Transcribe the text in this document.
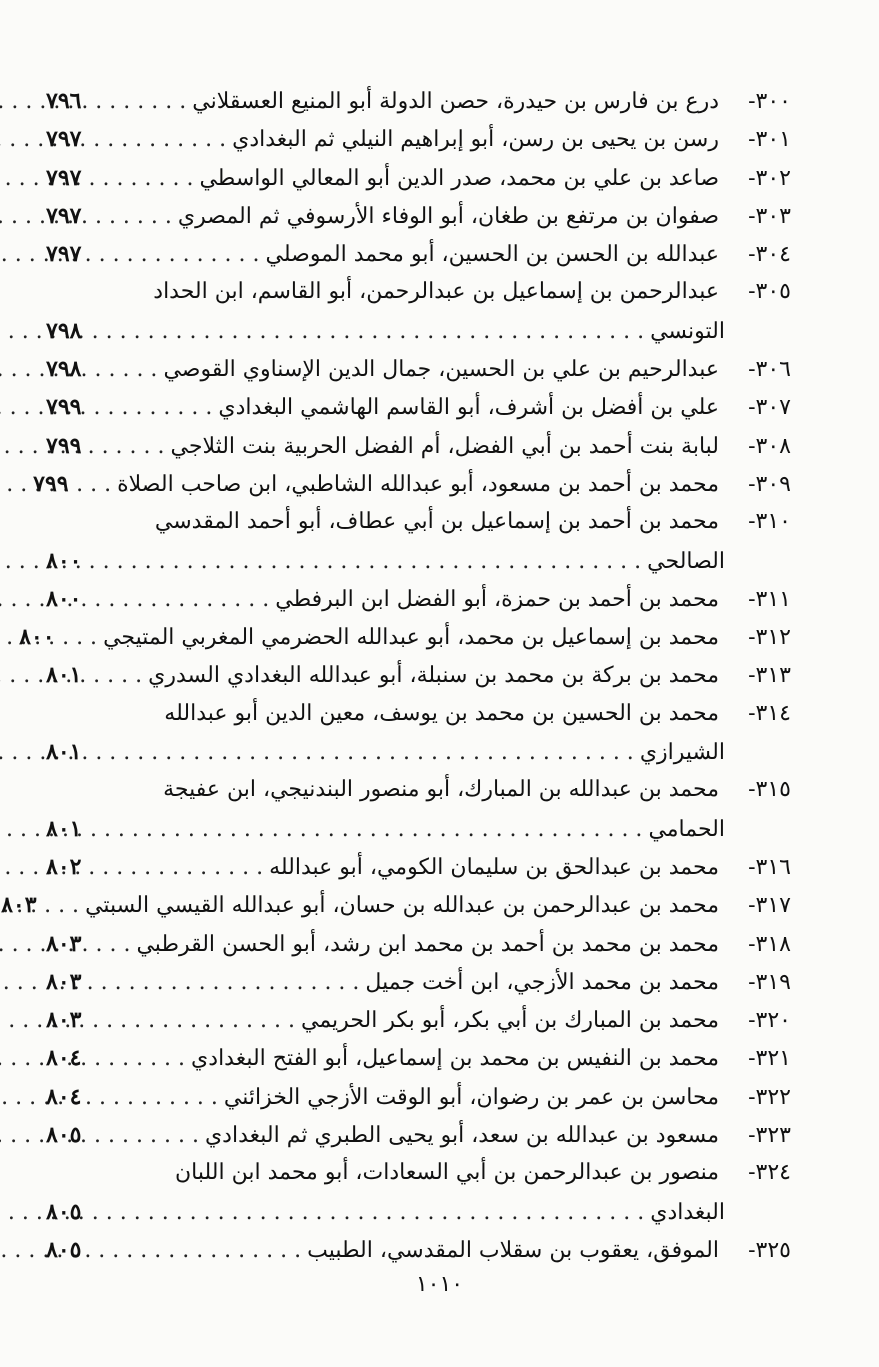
٣٠٠-
درع بن فارس بن حيدرة، حصن الدولة أبو المنيع العسقلاني
. . .
٧٩٦
٣٠١-
رسن بن يحيى بن رسن، أبو إبراهيم النيلي ثم البغدادي
. . .
٧٩٧
٣٠٢-
صاعد بن علي بن محمد، صدر الدين أبو المعالي الواسطي
. . .
٧٩٧
٣٠٣-
صفوان بن مرتفع بن طغان، أبو الوفاء الأرسوفي ثم المصري
. . .
٧٩٧
٣٠٤-
عبدالله بن الحسن بن الحسين، أبو محمد الموصلي
. . .
٧٩٧
٣٠٥-
عبدالرحمن بن إسماعيل بن عبدالرحمن، أبو القاسم، ابن الحداد
التونسي
. . .
٧٩٨
٣٠٦-
عبدالرحيم بن علي بن الحسين، جمال الدين الإسناوي القوصي
. . .
٧٩٨
٣٠٧-
علي بن أفضل بن أشرف، أبو القاسم الهاشمي البغدادي
. . .
٧٩٩
٣٠٨-
لبابة بنت أحمد بن أبي الفضل، أم الفضل الحربية بنت الثلاجي
. . .
٧٩٩
٣٠٩-
محمد بن أحمد بن مسعود، أبو عبدالله الشاطبي، ابن صاحب الصلاة
. . .
٧٩٩
٣١٠-
محمد بن أحمد بن إسماعيل بن أبي عطاف، أبو أحمد المقدسي
الصالحي
. . .
٨٠٠
٣١١-
محمد بن أحمد بن حمزة، أبو الفضل ابن البرفطي
. . .
٨٠٠
٣١٢-
محمد بن إسماعيل بن محمد، أبو عبدالله الحضرمي المغربي المتيجي
. . .
٨٠٠
٣١٣-
محمد بن بركة بن محمد بن سنبلة، أبو عبدالله البغدادي السدري
. . .
٨٠١
٣١٤-
محمد بن الحسين بن محمد بن يوسف، معين الدين أبو عبدالله
الشيرازي
. . .
٨٠١
٣١٥-
محمد بن عبدالله بن المبارك، أبو منصور البندنيجي، ابن عفيجة
الحمامي
. . .
٨٠١
٣١٦-
محمد بن عبدالحق بن سليمان الكومي، أبو عبدالله
. . .
٨٠٢
٣١٧-
محمد بن عبدالرحمن بن عبدالله بن حسان، أبو عبدالله القيسي السبتي
. . .
٨٠٣
٣١٨-
محمد بن محمد بن أحمد بن محمد ابن رشد، أبو الحسن القرطبي
. . .
٨٠٣
٣١٩-
محمد بن محمد الأزجي، ابن أخت جميل
. . .
٨٠٣
٣٢٠-
محمد بن المبارك بن أبي بكر، أبو بكر الحريمي
. . .
٨٠٣
٣٢١-
محمد بن النفيس بن محمد بن إسماعيل، أبو الفتح البغدادي
. . .
٨٠٤
٣٢٢-
محاسن بن عمر بن رضوان، أبو الوقت الأزجي الخزائني
. . .
٨٠٤
٣٢٣-
مسعود بن عبدالله بن سعد، أبو يحيى الطبري ثم البغدادي
. . .
٨٠٥
٣٢٤-
منصور بن عبدالرحمن بن أبي السعادات، أبو محمد ابن اللبان
البغدادي
. . .
٨٠٥
٣٢٥-
الموفق، يعقوب بن سقلاب المقدسي، الطبيب
. . .
٨٠٥
١٠١٠
